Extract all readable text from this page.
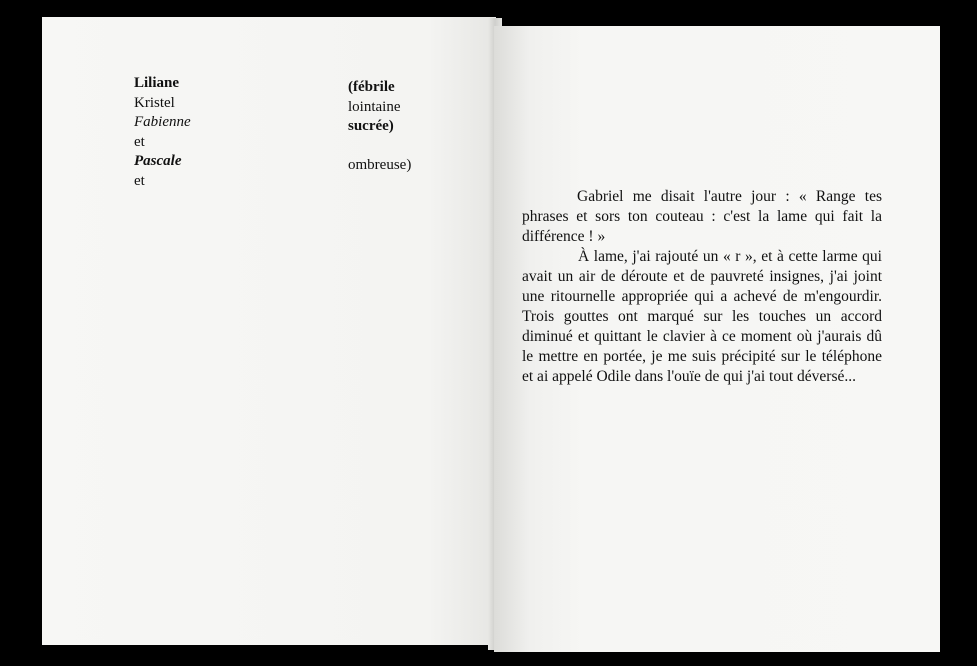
Liliane
Kristel
Fabienne
et
Pascale
et
(fébrile
lointaine
sucrée)
ombreuse)

Gabriel me disait l'autre jour : « Range tes phrases et sors ton couteau : c'est la lame qui fait la différence ! »

À lame, j'ai rajouté un « r », et à cette larme qui avait un air de déroute et de pauvreté insignes, j'ai joint une ritournelle appropriée qui a achevé de m'engourdir. Trois gouttes ont marqué sur les touches un accord diminué et quittant le clavier à ce moment où j'aurais dû le mettre en portée, je me suis précipité sur le téléphone et ai appelé Odile dans l'ouïe de qui j'ai tout déversé...
